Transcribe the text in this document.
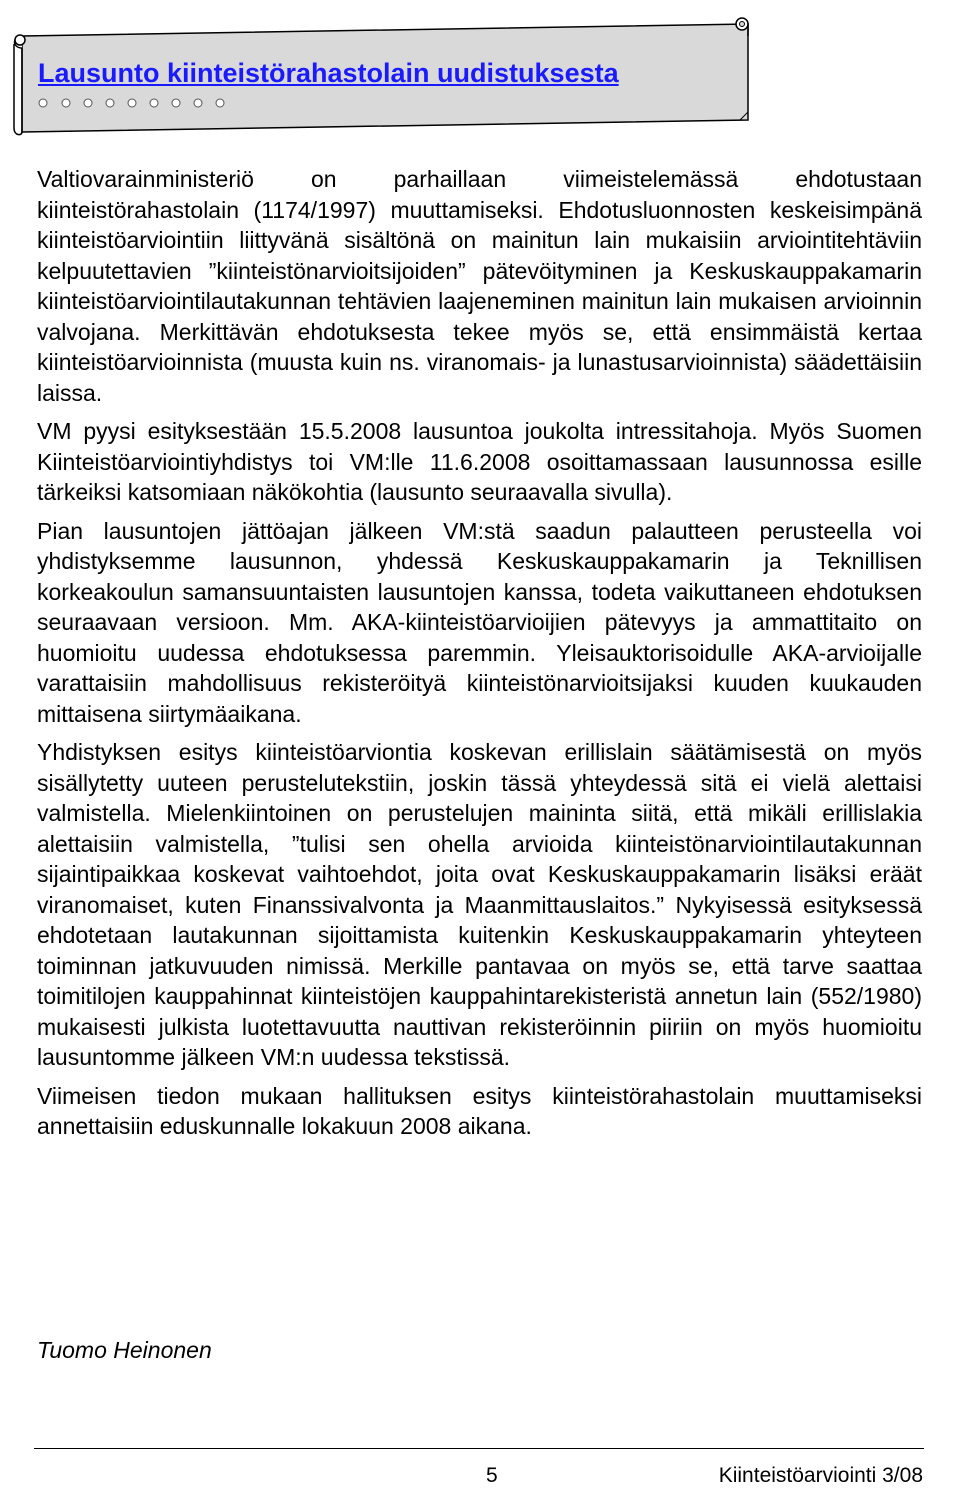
Lausunto kiinteistörahastolain uudistuksesta

Valtiovarainministeriö on parhaillaan viimeistelemässä ehdotustaan kiinteistörahastolain (1174/1997) muuttamiseksi. Ehdotusluonnosten keskeisimpänä kiinteistöarviointiin liittyvänä sisältönä on mainitun lain mukaisiin arviointitehtäviin kelpuutettavien ”kiinteistönarvioitsijoiden” pätevöityminen ja Keskuskauppakamarin kiinteistöarviointilautakunnan tehtävien laajeneminen mainitun lain mukaisen arvioinnin valvojana. Merkittävän ehdotuksesta tekee myös se, että ensimmäistä kertaa kiinteistöarvioinnista (muusta kuin ns. viranomais- ja lunastusarvioinnista) säädettäisiin laissa.

VM pyysi esityksestään 15.5.2008 lausuntoa joukolta intressitahoja. Myös Suomen Kiinteistöarviointiyhdistys toi VM:lle 11.6.2008 osoittamassaan lausunnossa esille tärkeiksi katsomiaan näkökohtia (lausunto seuraavalla sivulla).

Pian lausuntojen jättöajan jälkeen VM:stä saadun palautteen perusteella voi yhdistyksemme lausunnon, yhdessä Keskuskauppakamarin ja Teknillisen korkeakoulun samansuuntaisten lausuntojen kanssa, todeta vaikuttaneen ehdotuksen seuraavaan versioon. Mm. AKA-kiinteistöarvioijien pätevyys ja ammattitaito on huomioitu uudessa ehdotuksessa paremmin. Yleisauktorisoidulle AKA-arvioijalle varattaisiin mahdollisuus rekisteröityä kiinteistönarvioitsijaksi kuuden kuukauden mittaisena siirtymäaikana.

Yhdistyksen esitys kiinteistöarviontia koskevan erillislain säätämisestä on myös sisällytetty uuteen perustelutekstiin, joskin tässä yhteydessä sitä ei vielä alettaisi valmistella. Mielenkiintoinen on perustelujen maininta siitä, että mikäli erillislakia alettaisiin valmistella, ”tulisi sen ohella arvioida kiinteistönarviointilautakunnan sijaintipaikkaa koskevat vaihtoehdot, joita ovat Keskuskauppakamarin lisäksi eräät viranomaiset, kuten Finanssivalvonta ja Maanmittauslaitos.” Nykyisessä esityksessä ehdotetaan lautakunnan sijoittamista kuitenkin Keskuskauppakamarin yhteyteen toiminnan jatkuvuuden nimissä. Merkille pantavaa on myös se, että tarve saattaa toimitilojen kauppahinnat kiinteistöjen kauppahintarekisteristä annetun lain (552/1980) mukaisesti julkista luotettavuutta nauttivan rekisteröinnin piiriin on myös huomioitu lausuntomme jälkeen VM:n uudessa tekstissä.

Viimeisen tiedon mukaan hallituksen esitys kiinteistörahastolain muuttamiseksi annettaisiin eduskunnalle lokakuun 2008 aikana.

Tuomo Heinonen
5	Kiinteistöarviointi 3/08
